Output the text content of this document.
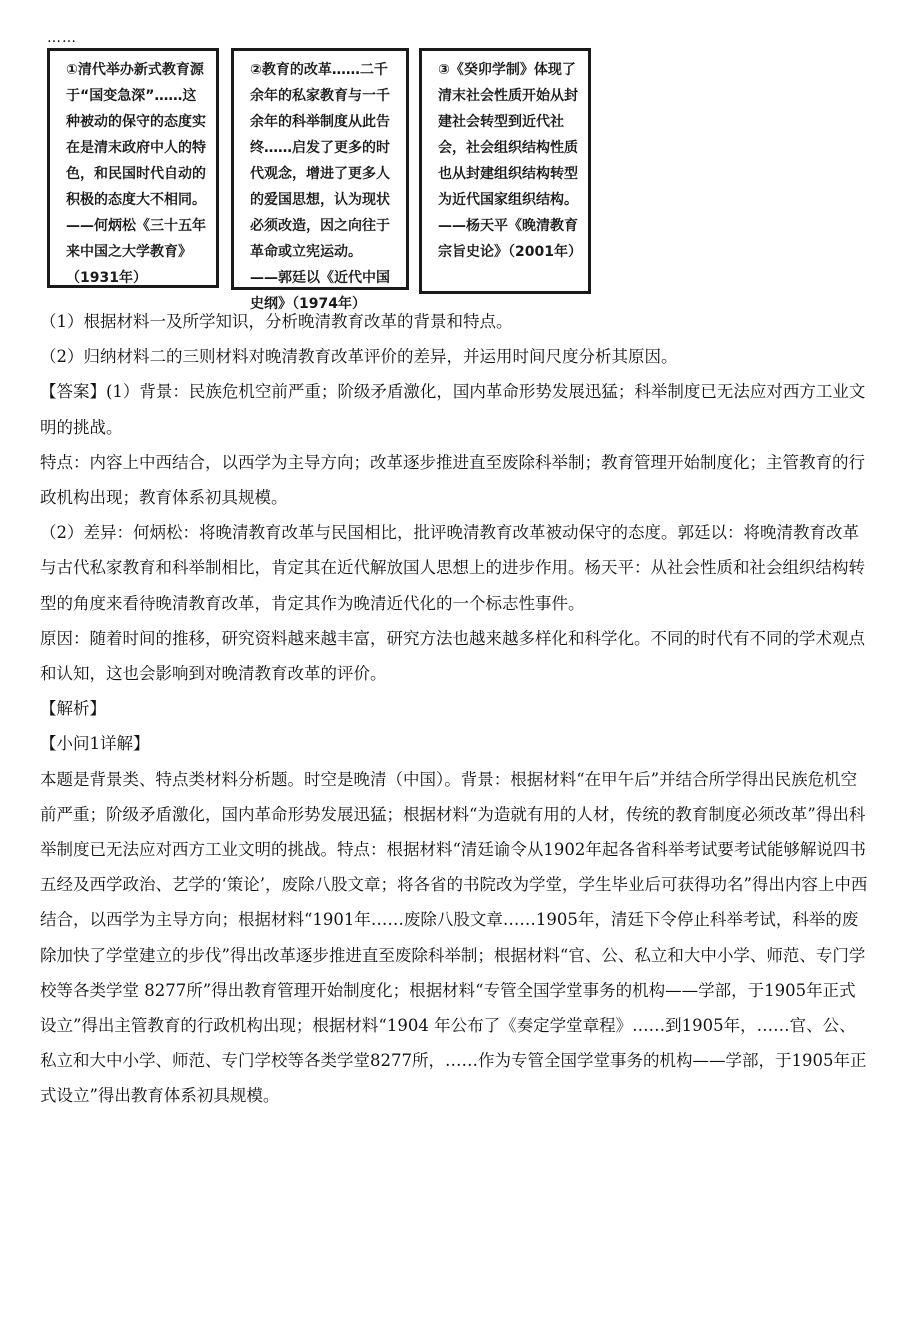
……

①清代举办新式教育源于“国变急深”……这种被动的保守的态度实在是清末政府中人的特色，和民国时代自动的积极的态度大不相同。

——何炳松《三十五年来中国之大学教育》（1931年）

②教育的改革……二千余年的私家教育与一千余年的科举制度从此告终……启发了更多的时代观念，增进了更多人的爱国思想，认为现状必须改造，因之向往于革命或立宪运动。

——郭廷以《近代中国史纲》（1974年）

③《癸卯学制》体现了清末社会性质开始从封建社会转型到近代社会，社会组织结构性质也从封建组织结构转型为近代国家组织结构。

——杨天平《晚清教育宗旨史论》（2001年）

（1）根据材料一及所学知识，分析晚清教育改革的背景和特点。

（2）归纳材料二的三则材料对晚清教育改革评价的差异，并运用时间尺度分析其原因。

【答案】(1）背景：民族危机空前严重；阶级矛盾激化，国内革命形势发展迅猛；科举制度已无法应对西方工业文明的挑战。

特点：内容上中西结合，以西学为主导方向；改革逐步推进直至废除科举制；教育管理开始制度化；主管教育的行政机构出现；教育体系初具规模。

（2）差异：何炳松：将晚清教育改革与民国相比，批评晚清教育改革被动保守的态度。郭廷以：将晚清教育改革与古代私家教育和科举制相比，肯定其在近代解放国人思想上的进步作用。杨天平：从社会性质和社会组织结构转型的角度来看待晚清教育改革，肯定其作为晚清近代化的一个标志性事件。

原因：随着时间的推移，研究资料越来越丰富，研究方法也越来越多样化和科学化。不同的时代有不同的学术观点和认知，这也会影响到对晚清教育改革的评价。

【解析】

【小问1详解】

本题是背景类、特点类材料分析题。时空是晚清（中国）。背景：根据材料“在甲午后”并结合所学得出民族危机空前严重；阶级矛盾激化，国内革命形势发展迅猛；根据材料“为造就有用的人材，传统的教育制度必须改革”得出科举制度已无法应对西方工业文明的挑战。特点：根据材料“清廷谕令从1902年起各省科举考试要考试能够解说四书五经及西学政治、艺学的‘策论’，废除八股文章；将各省的书院改为学堂，学生毕业后可获得功名”得出内容上中西结合，以西学为主导方向；根据材料“1901年……废除八股文章……1905年，清廷下令停止科举考试，科举的废除加快了学堂建立的步伐”得出改革逐步推进直至废除科举制；根据材料“官、公、私立和大中小学、师范、专门学校等各类学堂 8277所”得出教育管理开始制度化；根据材料“专管全国学堂事务的机构——学部，于1905年正式设立”得出主管教育的行政机构出现；根据材料“1904 年公布了《奏定学堂章程》……到1905年，……官、公、私立和大中小学、师范、专门学校等各类学堂8277所，……作为专管全国学堂事务的机构——学部，于1905年正式设立”得出教育体系初具规模。
